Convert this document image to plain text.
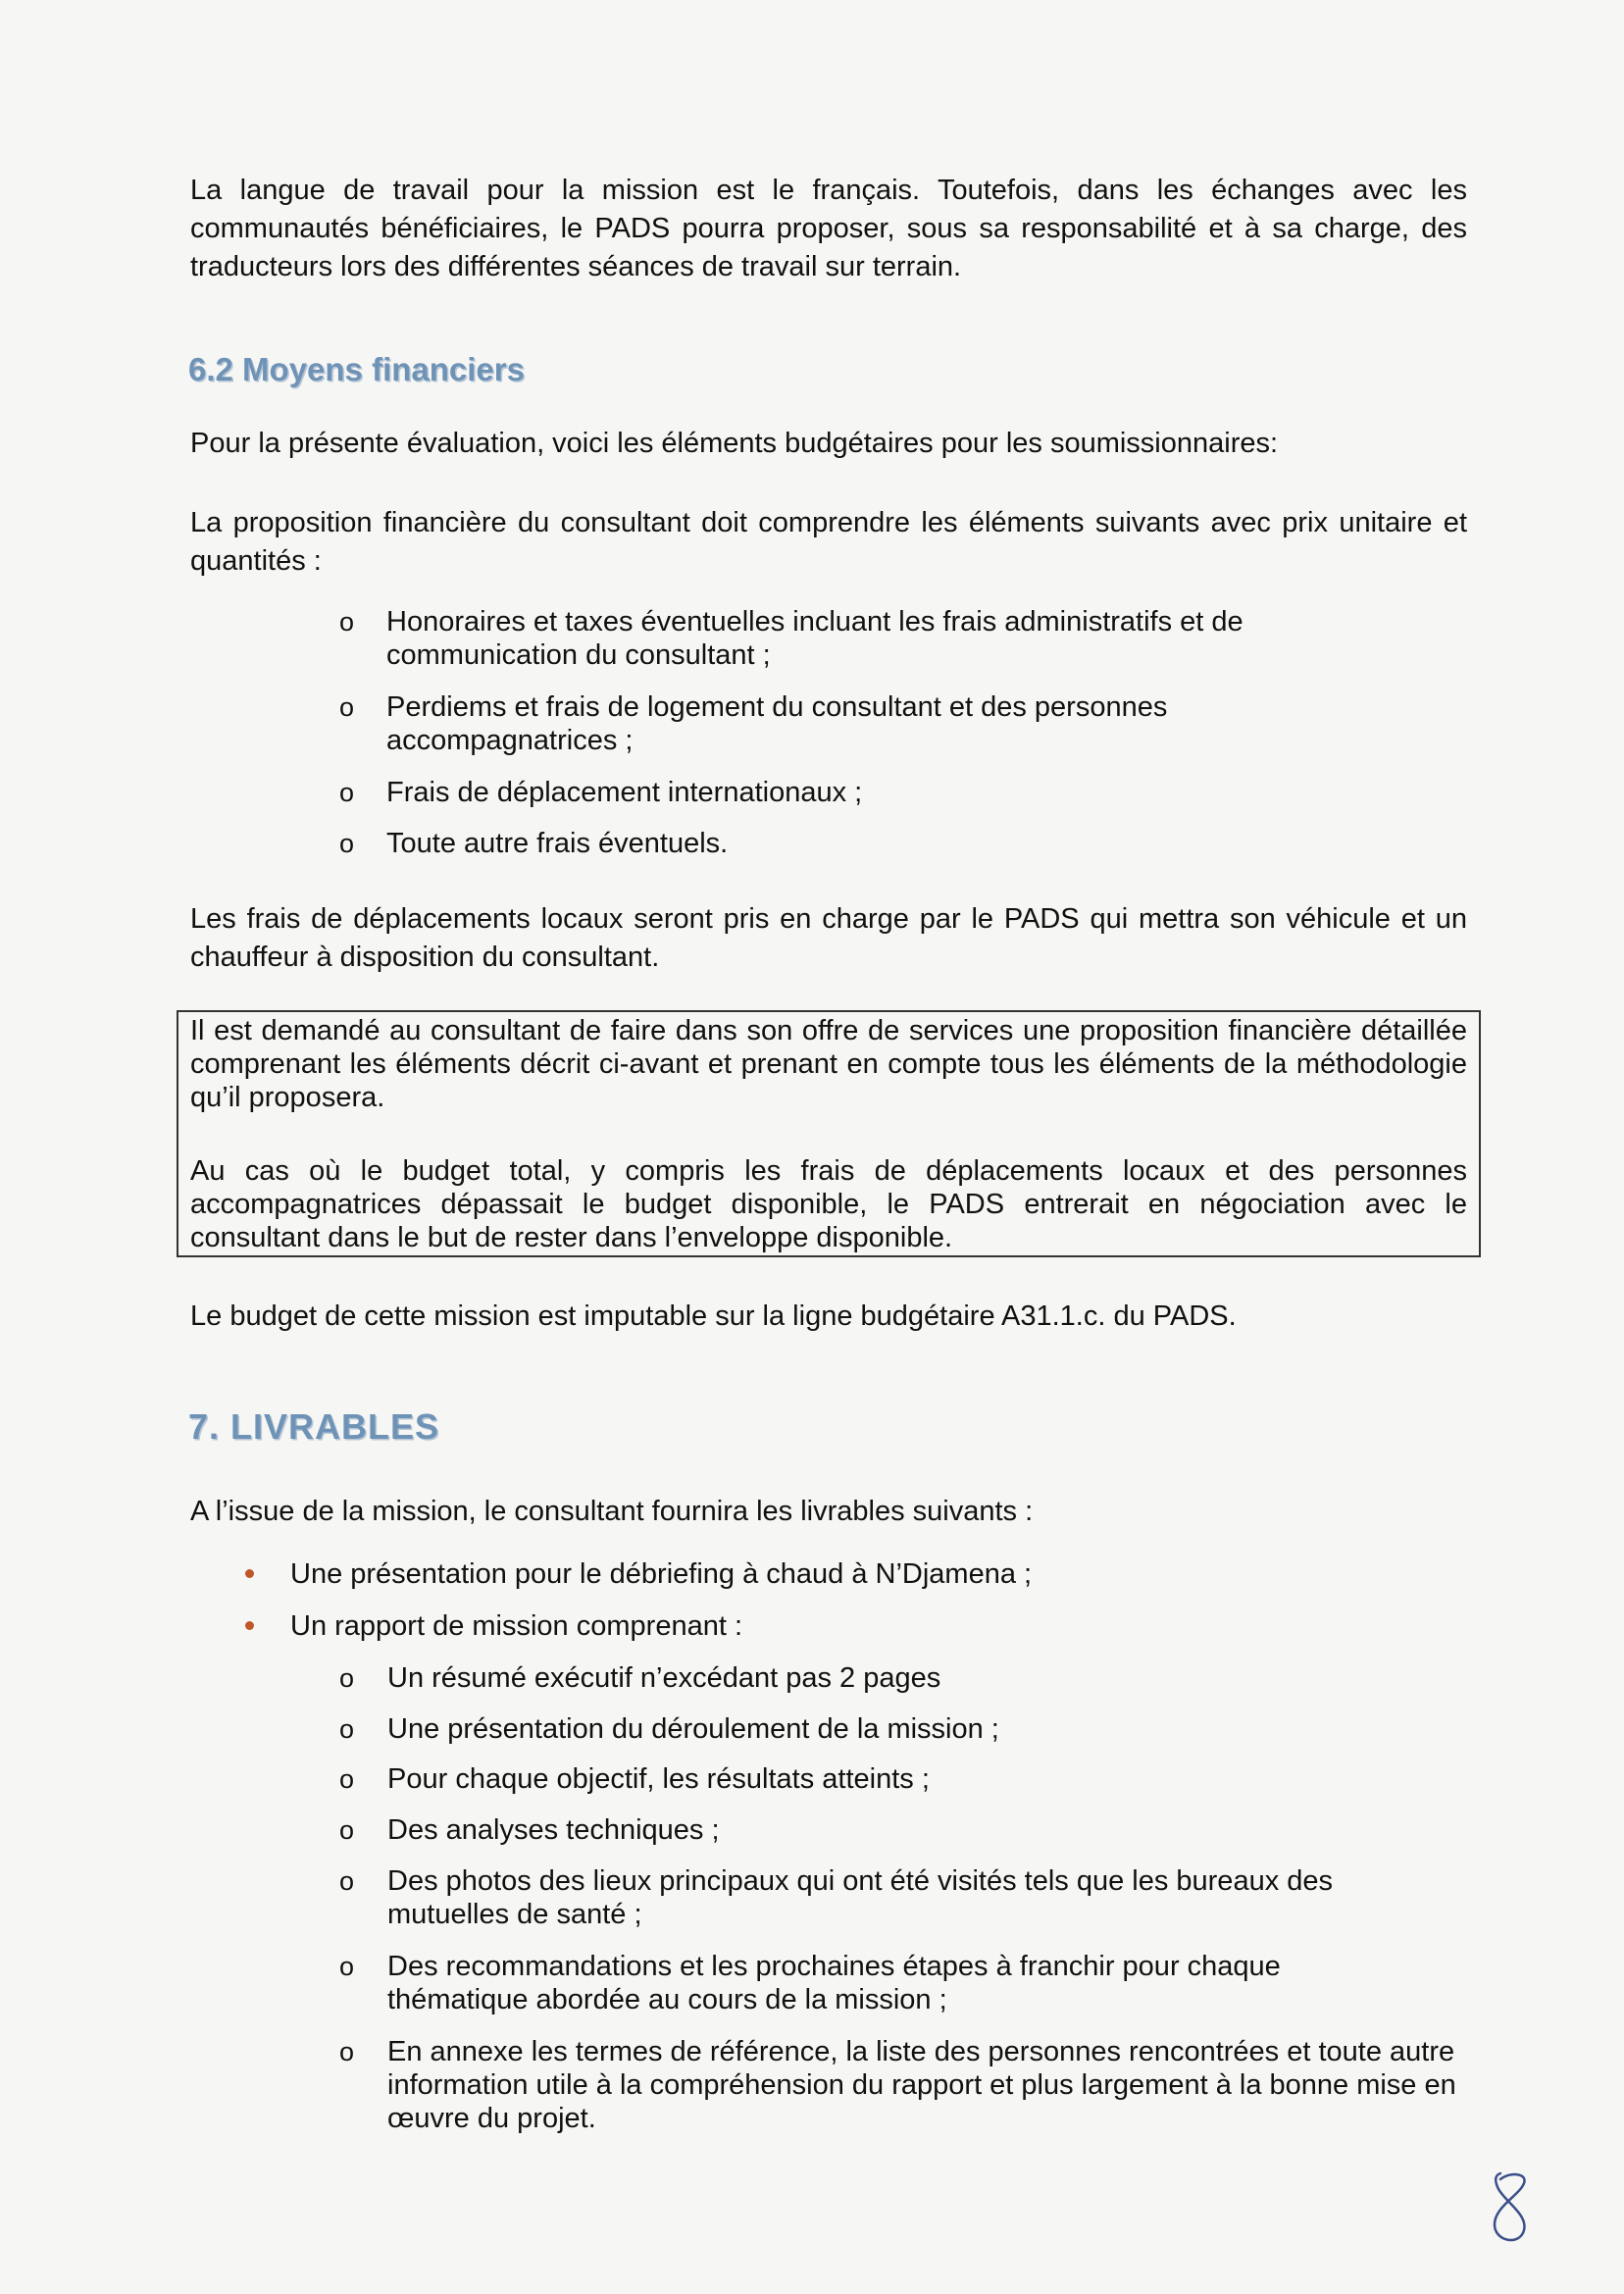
La langue de travail pour la mission est le français. Toutefois, dans les échanges avec les communautés bénéficiaires, le PADS pourra proposer, sous sa responsabilité et à sa charge, des traducteurs lors des différentes séances de travail sur terrain.

6.2 Moyens financiers

Pour la présente évaluation, voici les éléments budgétaires pour les soumissionnaires:

La proposition financière du consultant doit comprendre les éléments suivants avec prix unitaire et quantités :

o Honoraires et taxes éventuelles incluant les frais administratifs et de communication du consultant ;

o Perdiems et frais de logement du consultant et des personnes accompagnatrices ;

o Frais de déplacement internationaux ;

o Toute autre frais éventuels.

Les frais de déplacements locaux seront pris en charge par le PADS qui mettra son véhicule et un chauffeur à disposition du consultant.

Il est demandé au consultant de faire dans son offre de services une proposition financière détaillée comprenant les éléments décrit ci-avant et prenant en compte tous les éléments de la méthodologie qu’il proposera.

Au cas où le budget total, y compris les frais de déplacements locaux et des personnes accompagnatrices dépassait le budget disponible, le PADS entrerait en négociation avec le consultant dans le but de rester dans l’enveloppe disponible.

Le budget de cette mission est imputable sur la ligne budgétaire A31.1.c. du PADS.

7. LIVRABLES

A l’issue de la mission, le consultant fournira les livrables suivants :

Une présentation pour le débriefing à chaud à N’Djamena ;

Un rapport de mission comprenant :

o Un résumé exécutif n’excédant pas 2 pages

o Une présentation du déroulement de la mission ;

o Pour chaque objectif, les résultats atteints ;

o Des analyses techniques ;

o Des photos des lieux principaux qui ont été visités tels que les bureaux des mutuelles de santé ;

o Des recommandations et les prochaines étapes à franchir pour chaque thématique abordée au cours de la mission ;

o En annexe les termes de référence, la liste des personnes rencontrées et toute autre information utile à la compréhension du rapport et plus largement à la bonne mise en œuvre du projet.
